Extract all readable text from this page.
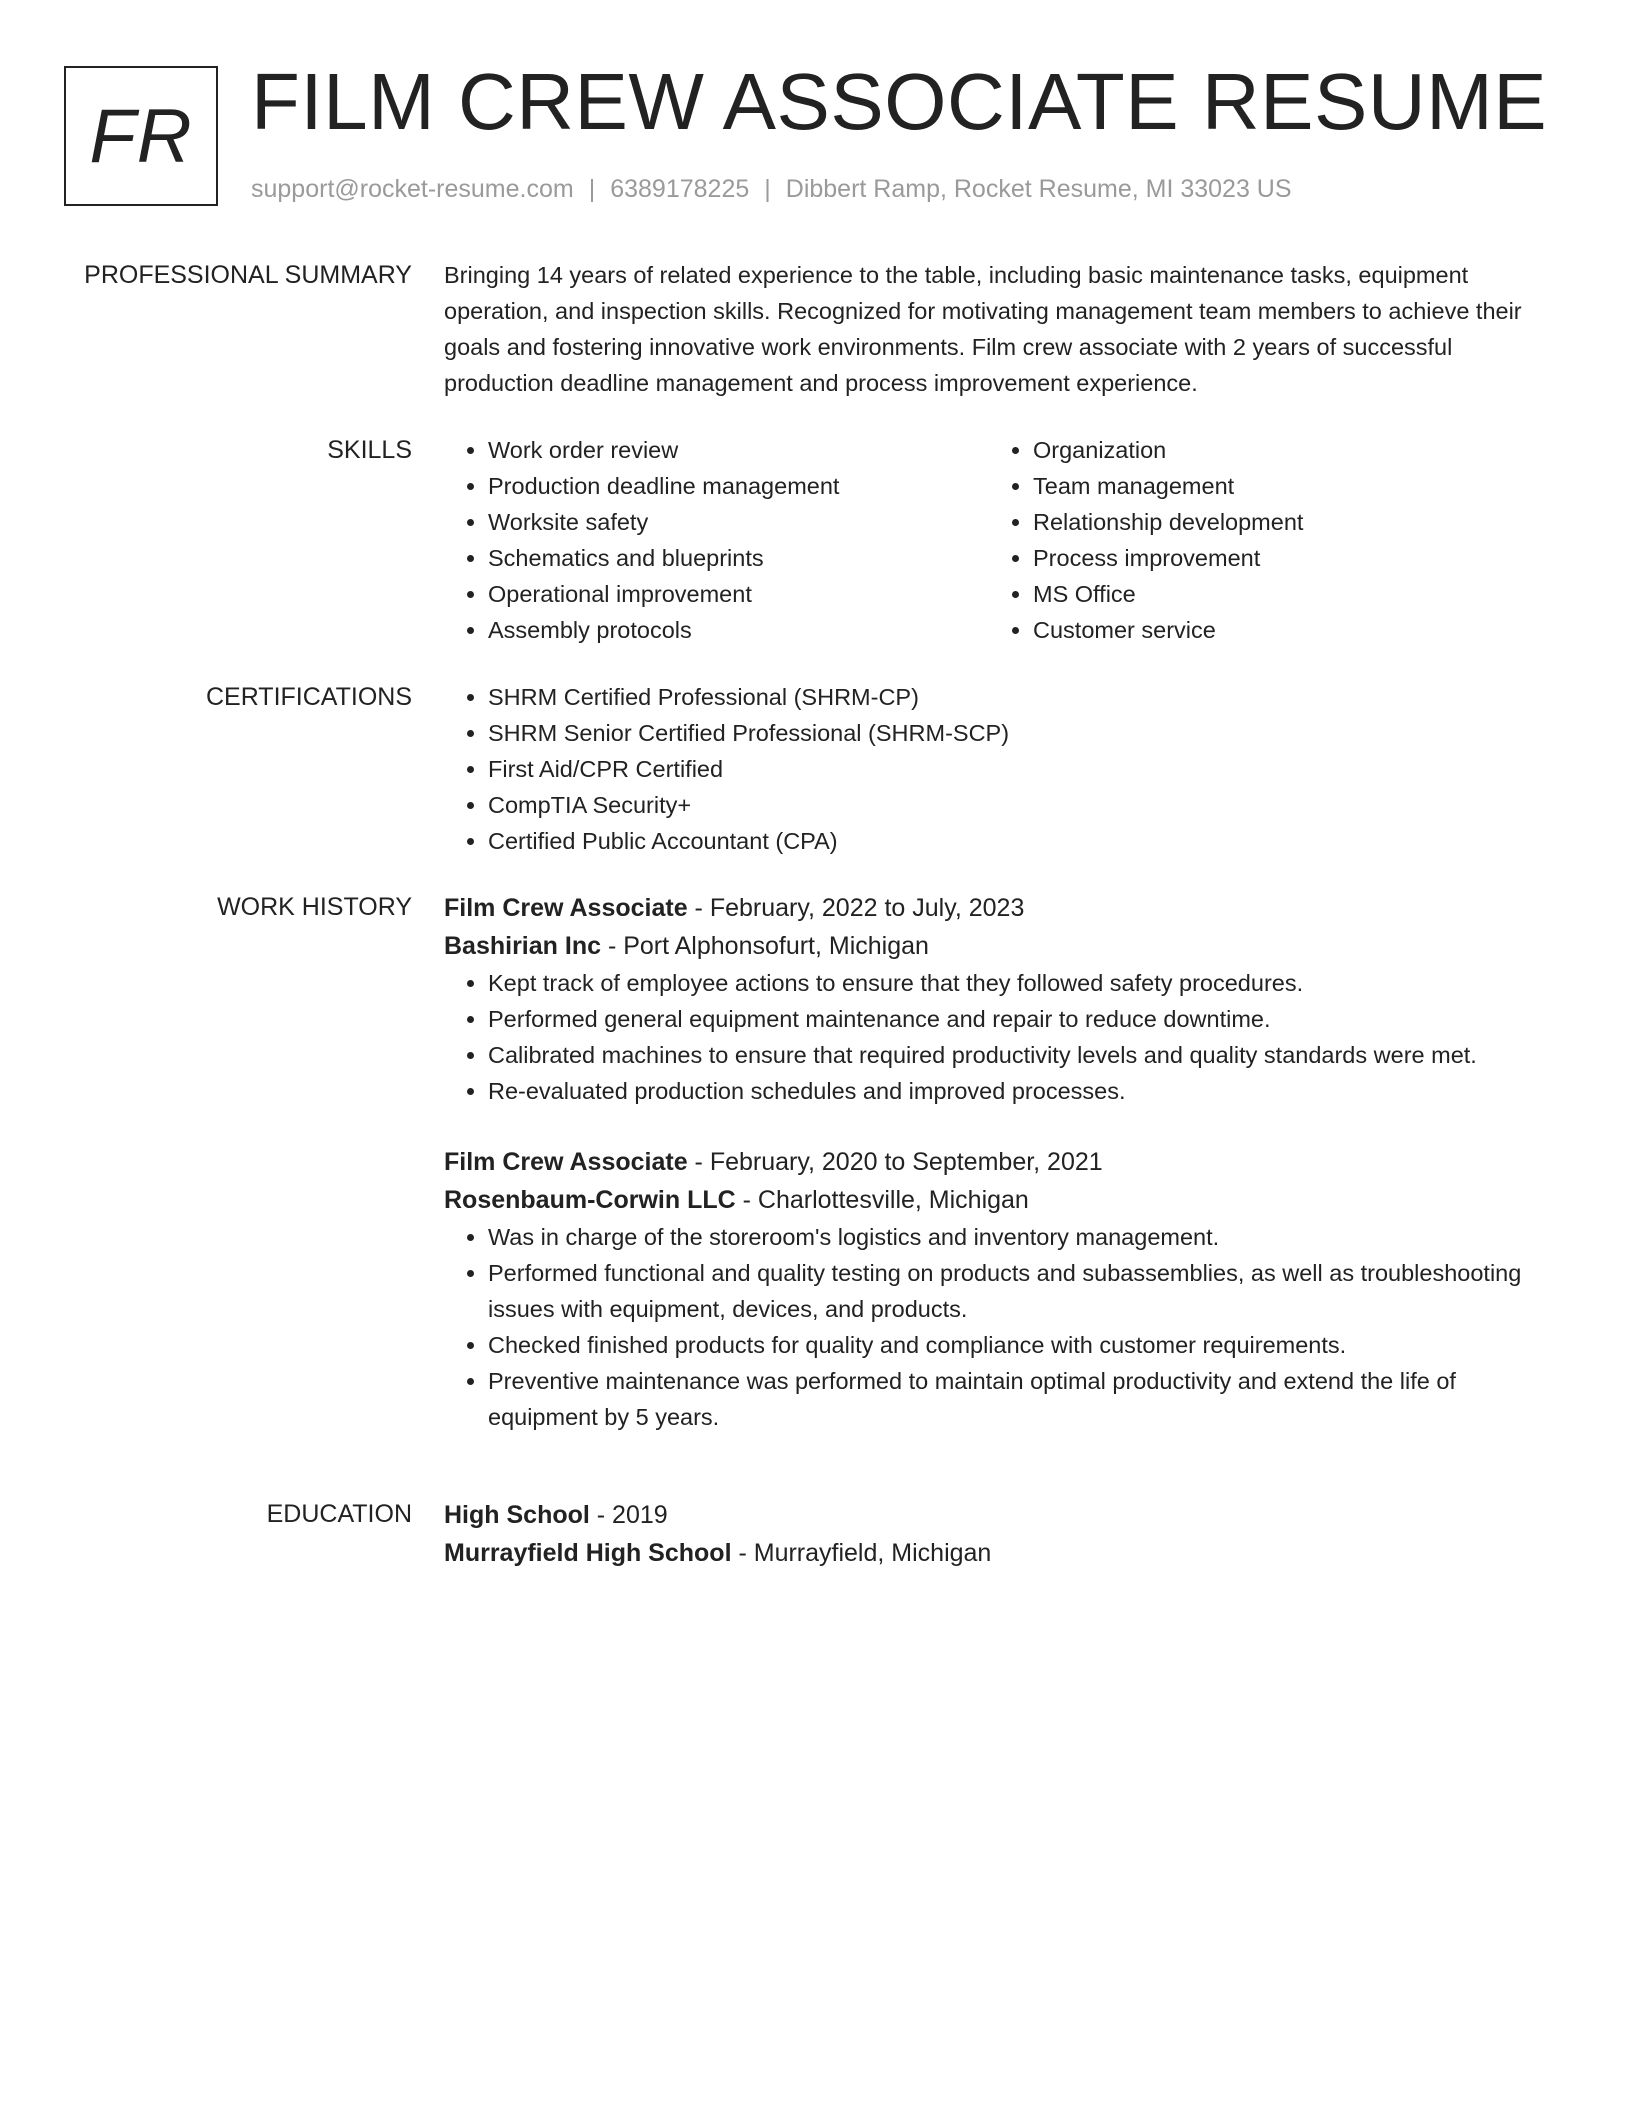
FR FILM CREW ASSOCIATE RESUME
support@rocket-resume.com | 6389178225 | Dibbert Ramp, Rocket Resume, MI 33023 US
PROFESSIONAL SUMMARY Bringing 14 years of related experience to the table, including basic maintenance tasks, equipment operation, and inspection skills. Recognized for motivating management team members to achieve their goals and fostering innovative work environments. Film crew associate with 2 years of successful production deadline management and process improvement experience.

SKILLS	• Work order review
• Production deadline management
• Worksite safety
• Schematics and blueprints
• Operational improvement
• Assembly protocols
• Organization
• Team management
• Relationship development
• Process improvement
• MS Office
• Customer service
CERTIFICATIONS	• SHRM Certified Professional (SHRM-CP)
• SHRM Senior Certified Professional (SHRM-SCP)
• First Aid/CPR Certified
• CompTIA Security+
• Certified Public Accountant (CPA)
WORK HISTORY Film Crew Associate - February, 2022 to July, 2023
Bashirian Inc - Port Alphonsofurt, Michigan
• Kept track of employee actions to ensure that they followed safety procedures.
• Performed general equipment maintenance and repair to reduce downtime.
• Calibrated machines to ensure that required productivity levels and quality standards were met.
• Re-evaluated production schedules and improved processes.
Film Crew Associate - February, 2020 to September, 2021
Rosenbaum-Corwin LLC - Charlottesville, Michigan
• Was in charge of the storeroom's logistics and inventory management.
• Performed functional and quality testing on products and subassemblies, as well as troubleshooting issues with equipment, devices, and products.
• Checked finished products for quality and compliance with customer requirements.
• Preventive maintenance was performed to maintain optimal productivity and extend the life of equipment by 5 years.
EDUCATION High School - 2019
Murrayfield High School - Murrayfield, Michigan
